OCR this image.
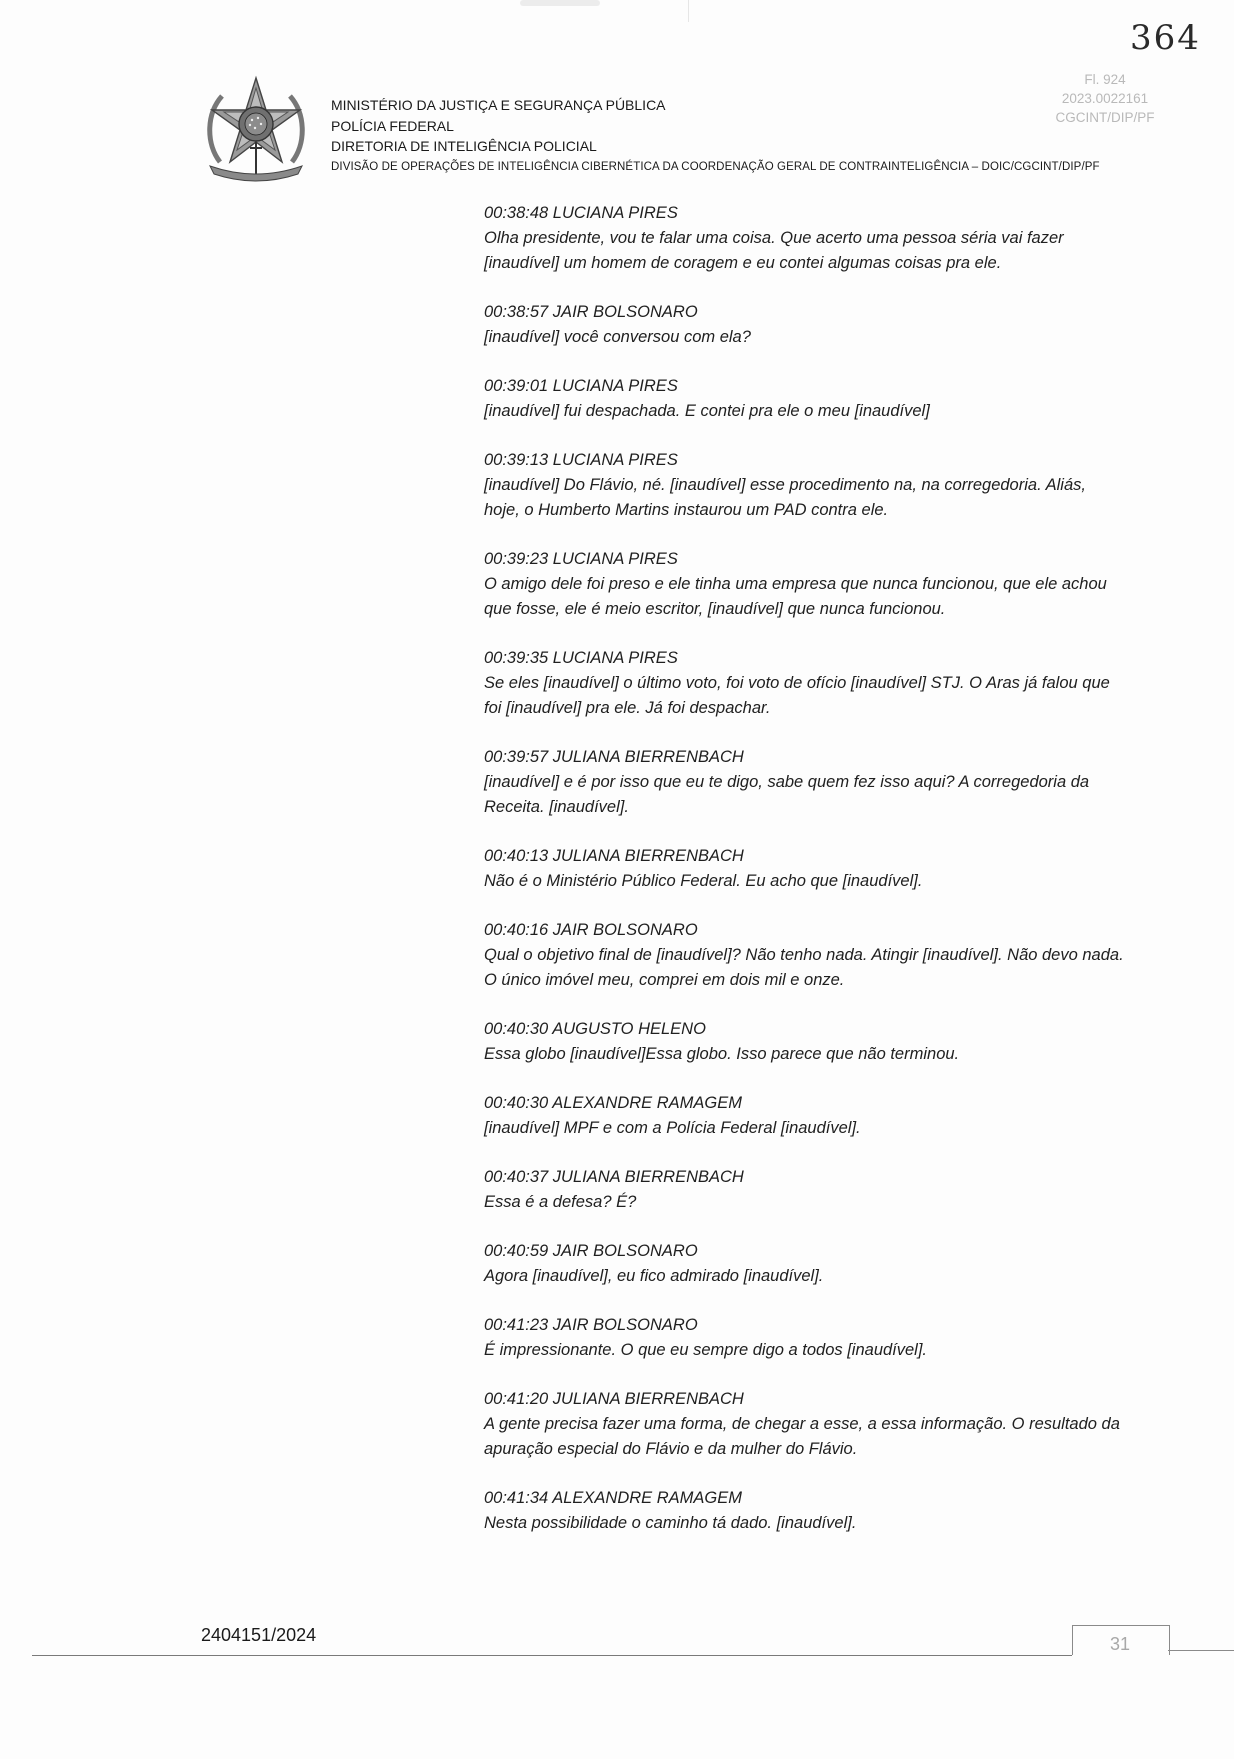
MINISTÉRIO DA JUSTIÇA E SEGURANÇA PÚBLICA
POLÍCIA FEDERAL
DIRETORIA DE INTELIGÊNCIA POLICIAL
DIVISÃO DE OPERAÇÕES DE INTELIGÊNCIA CIBERNÉTICA DA COORDENAÇÃO GERAL DE CONTRAINTELIGÊNCIA – DOIC/CGCINT/DIP/PF
364
Fl. 924
2023.0022161
CGCINT/DIP/PF
00:38:48 LUCIANA PIRES
Olha presidente, vou te falar uma coisa. Que acerto uma pessoa séria vai fazer [inaudível] um homem de coragem e eu contei algumas coisas pra ele.
00:38:57 JAIR BOLSONARO
[inaudível] você conversou com ela?
00:39:01 LUCIANA PIRES
[inaudível] fui despachada. E contei pra ele o meu [inaudível]
00:39:13 LUCIANA PIRES
[inaudível] Do Flávio, né. [inaudível] esse procedimento na, na corregedoria. Aliás, hoje, o Humberto Martins instaurou um PAD contra ele.
00:39:23 LUCIANA PIRES
O amigo dele foi preso e ele tinha uma empresa que nunca funcionou, que ele achou que fosse, ele é meio escritor, [inaudível] que nunca funcionou.
00:39:35 LUCIANA PIRES
Se eles [inaudível] o último voto, foi voto de ofício [inaudível] STJ. O Aras já falou que foi [inaudível] pra ele. Já foi despachar.
00:39:57 JULIANA BIERRENBACH
[inaudível] e é por isso que eu te digo, sabe quem fez isso aqui? A corregedoria da Receita. [inaudível].
00:40:13 JULIANA BIERRENBACH
Não é o Ministério Público Federal. Eu acho que [inaudível].
00:40:16 JAIR BOLSONARO
Qual o objetivo final de [inaudível]? Não tenho nada. Atingir [inaudível]. Não devo nada. O único imóvel meu, comprei em dois mil e onze.
00:40:30 AUGUSTO HELENO
Essa globo [inaudível]Essa globo. Isso parece que não terminou.
00:40:30 ALEXANDRE RAMAGEM
[inaudível] MPF e com a Polícia Federal [inaudível].
00:40:37 JULIANA BIERRENBACH
Essa é a defesa? É?
00:40:59 JAIR BOLSONARO
Agora [inaudível], eu fico admirado [inaudível].
00:41:23 JAIR BOLSONARO
É impressionante. O que eu sempre digo a todos [inaudível].
00:41:20 JULIANA BIERRENBACH
A gente precisa fazer uma forma, de chegar a esse, a essa informação. O resultado da apuração especial do Flávio e da mulher do Flávio.
00:41:34 ALEXANDRE RAMAGEM
Nesta possibilidade o caminho tá dado. [inaudível].
2404151/2024	31
